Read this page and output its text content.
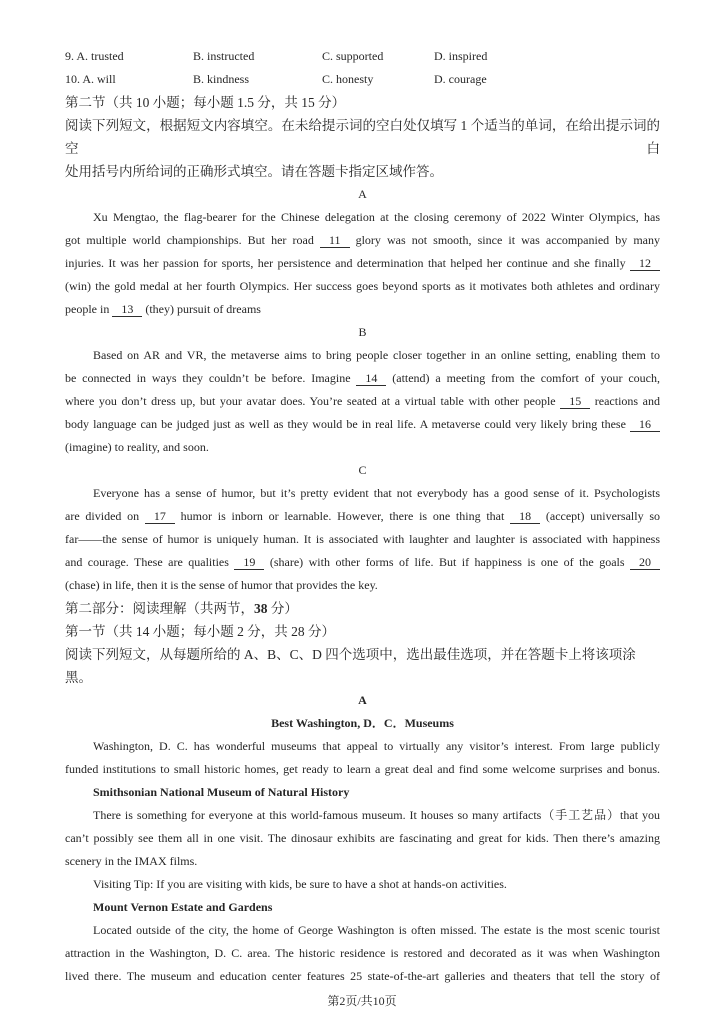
9. A. trusted	B. instructed	C. supported	D. inspired
10. A. will	B. kindness	C. honesty	D. courage
第二节（共 10 小题；每小题 1.5 分，共 15 分）
阅读下列短文，根据短文内容填空。在未给提示词的空白处仅填写 1 个适当的单词，在给出提示词的空白
处用括号内所给词的正确形式填空。请在答题卡指定区域作答。
A
Xu Mengtao, the flag-bearer for the Chinese delegation at the closing ceremony of 2022 Winter Olympics, has
got multiple world championships. But her road 11 glory was not smooth, since it was accompanied by many
injuries. It was her passion for sports, her persistence and determination that helped her continue and she finally 12
(win) the gold medal at her fourth Olympics. Her success goes beyond sports as it motivates both athletes and ordinary
people in 13 (they) pursuit of dreams
B
Based on AR and VR, the metaverse aims to bring people closer together in an online setting, enabling them to
be connected in ways they couldn’t be before. Imagine 14 (attend) a meeting from the comfort of your couch,
where you don’t dress up, but your avatar does. You’re seated at a virtual table with other people 15 reactions and
body language can be judged just as well as they would be in real life. A metaverse could very likely bring these 16
(imagine) to reality, and soon.
C
Everyone has a sense of humor, but it’s pretty evident that not everybody has a good sense of it. Psychologists
are divided on 17 humor is inborn or learnable. However, there is one thing that 18 (accept) universally so
far——the sense of humor is uniquely human. It is associated with laughter and laughter is associated with happiness
and courage. These are qualities 19 (share) with other forms of life. But if happiness is one of the goals 20
(chase) in life, then it is the sense of humor that provides the key.
第二部分：阅读理解（共两节，38 分）
第一节（共 14 小题；每小题 2 分，共 28 分）
阅读下列短文，从每题所给的 A、B、C、D 四个选项中，选出最佳选项，并在答题卡上将该项涂黑。
A
Best Washington, D．C．Museums
Washington, D. C. has wonderful museums that appeal to virtually any visitor’s interest. From large publicly
funded institutions to small historic homes, get ready to learn a great deal and find some welcome surprises and bonus.
Smithsonian National Museum of Natural History
There is something for everyone at this world-famous museum. It houses so many artifacts（手工艺品）that you
can’t possibly see them all in one visit. The dinosaur exhibits are fascinating and great for kids. Then there’s amazing
scenery in the IMAX films.
Visiting Tip: If you are visiting with kids, be sure to have a shot at hands-on activities.
Mount Vernon Estate and Gardens
Located outside of the city, the home of George Washington is often missed. The estate is the most scenic tourist
attraction in the Washington, D. C. area. The historic residence is restored and decorated as it was when Washington
lived there. The museum and education center features 25 state-of-the-art galleries and theaters that tell the story of
第2页/共10页
